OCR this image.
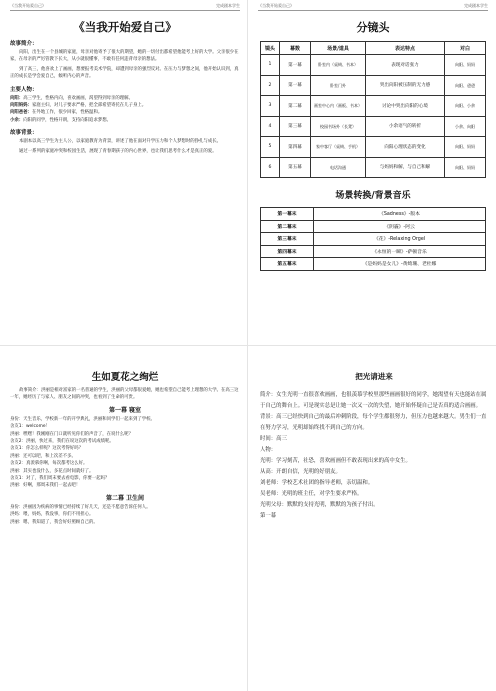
《当我开始爱自己》	完成剧本学生
《当我开始爱自己》
故事简介：

向阳，出生在一个县城的家庭，母亲对他寄予了很大的期望，她的一切付出都希望他能考上好的大学。父亲很少在家，在母亲的严厉管教下长大，从小就很懂事，不敢有任何违背母亲的想法。

到了高三，他喜欢上了画画，想要报考美术学院，却遭到母亲的强烈反对。在压力与梦想之间，他开始认识到，真正的成长是学会爱自己，倾听内心的声音。

主要人物：

向阳：高三学生，性格内向，喜欢画画，渴望得到母亲的理解。

向阳妈妈：家庭主妇，对儿子要求严格，把全部希望寄托在儿子身上。

向阳爸爸：在外地工作，很少回家，性格温和。

小余：向阳的同学，性格开朗，支持向阳追求梦想。

故事背景：

本剧本以高三学生为主人公，以家庭教育为背景，讲述了他在面对升学压力和个人梦想时的挣扎与成长。

通过一系列的家庭冲突和校园生活，展现了青春期孩子的内心世界，也让我们思考什么才是真正的爱。

《当我开始爱自己》	完成剧本学生
分镜头
镜头	幕数	场景/道具	表达特点	对白
1	第一幕	卧室内（桌椅、书本）	表现对话张力	向阳、妈妈
2	第一幕	卧室门外	突出向阳被压制的无力感	向阳、爸爸
3	第二幕	画室中心内（画板、书本）	讨论中突出向阳的心境	向阳、小余
4	第三幕	校园书场外（长凳）	小余语气的转折	小余、向阳
5	第四幕	家中客厅（桌椅、手机）	向阳心理状态的变化	向阳、妈妈
6	第五幕	电话沟通	与妈妈和解，与自己和解	向阳、妈妈
场景转换/背景音乐
第一幕末	《Sadness》-版本
第二幕末	《阴霾》-阿云
第三幕末	《花》-Relaxing Orgel
第四幕末	《永恒的一瞬》-萨顿音乐
第五幕末	《是妈妈是女儿》-黄绮珊、老杜娜
生如夏花之绚烂

故事简介：洪丽是相对富家的一名普通的学生，洪丽的父母都很爱她，她也希望自己能考上理想的大学。在高三这一年，她经历了与家人、朋友之间的冲突，也看到了生命的可贵。

第一幕 寝室

身份：天生音乐，学校新一年的开学典礼，洪丽和同学们一起来到了学校。

舍友1：welcome！

洪丽：嘿嘿！我刚刚在门口就听见你们的声音了，在说什么呢？

舍友2：洪丽，快过来，我们在说这次的考试成绩呢。

舍友1：你怎么样呢？这次考得好吗？

洪丽：还可以吧，和上次差不多。

舍友2：真羡慕你啊，每次都考这么好。

洪丽：其实也没什么，多花点时间就好了。

舍友1：对了，我们周末要去看电影，你要一起吗？

洪丽：好啊，那周末我们一起去吧！

第二幕 卫生间

身份：洪丽因为疾病的事情已经持续了好几天，还是不愿意告诉任何人。

洪妈：喂，妈妈，我没事，你们不用担心。

洪丽：嗯，我知道了，我会好好照顾自己的。

把光请进来

简介：女生光明一直很喜欢画画，也很羡慕学校里那些画画很好的同学，她渴望有天也能站在属于自己的舞台上。可是现实总是让她一次又一次的失望，她开始怀疑自己是否真的适合画画。

背景：高三已经快到自己的最后冲刺阶段，每个学生都很努力，但压力也越来越大。男生们一直在努力学习，光明却始终找不到自己的方向。

时间：高三

人物：

光明：学习刻苦，社恐，喜欢画画但不敢表现出来的高中女生。

从高：开朗自信，光明的好朋友。

刘老师：学校艺术社团的指导老师，亲切温和。

吴老师：光明的班主任，对学生要求严格。

光明父母：默默的支持光明，默默的为孩子付出。

第一幕
